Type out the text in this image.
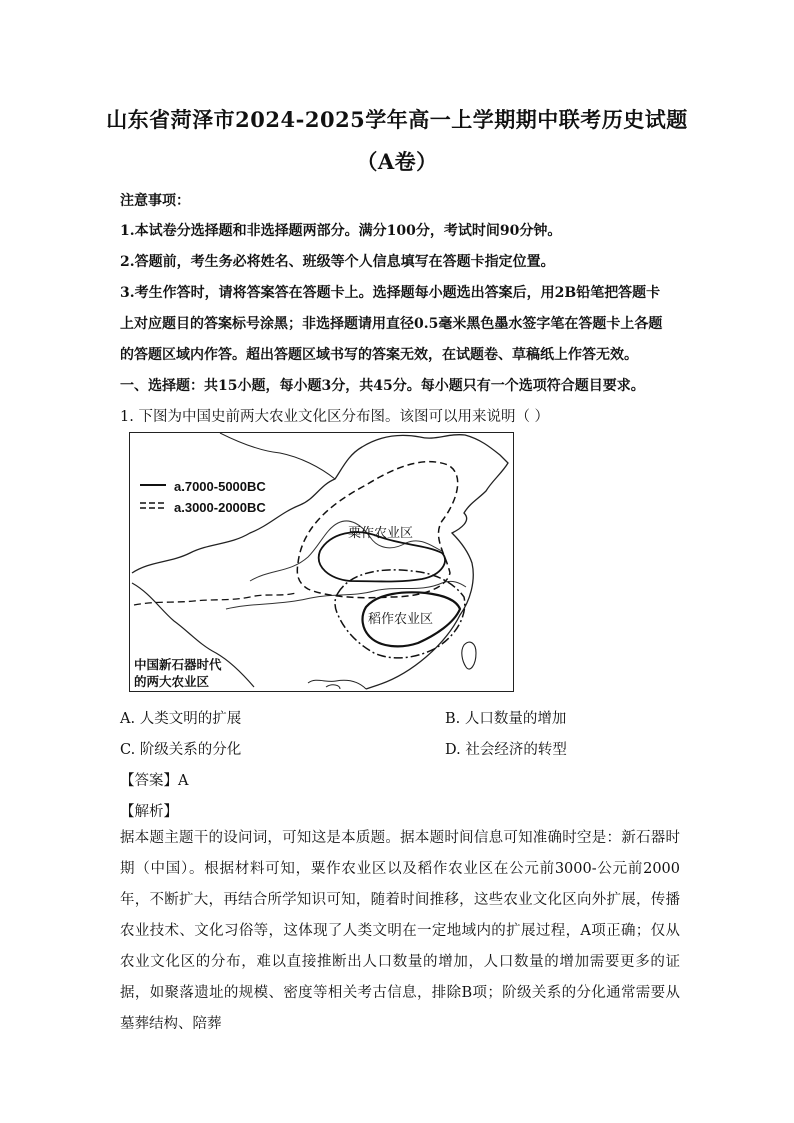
山东省菏泽市2024-2025学年高一上学期期中联考历史试题
（A卷）
注意事项：
1.本试卷分选择题和非选择题两部分。满分100分，考试时间90分钟。
2.答题前，考生务必将姓名、班级等个人信息填写在答题卡指定位置。
3.考生作答时，请将答案答在答题卡上。选择题每小题选出答案后，用2B铅笔把答题卡
上对应题目的答案标号涂黑；非选择题请用直径0.5毫米黑色墨水签字笔在答题卡上各题
的答题区域内作答。超出答题区域书写的答案无效，在试题卷、草稿纸上作答无效。
一、选择题：共15小题，每小题3分，共45分。每小题只有一个选项符合题目要求。
1. 下图为中国史前两大农业文化区分布图。该图可以用来说明（ ）
a.7000-5000BC
a.3000-2000BC
粟作农业区
稻作农业区
中国新石器时代
的两大农业区
A. 人类文明的扩展	B. 人口数量的增加
C. 阶级关系的分化	D. 社会经济的转型
【答案】A
【解析】
据本题主题干的设问词，可知这是本质题。据本题时间信息可知准确时空是：新石器时期（中国）。根据材料可知，粟作农业区以及稻作农业区在公元前3000-公元前2000年，不断扩大，再结合所学知识可知，随着时间推移，这些农业文化区向外扩展，传播农业技术、文化习俗等，这体现了人类文明在一定地域内的扩展过程，A项正确；仅从农业文化区的分布，难以直接推断出人口数量的增加，人口数量的增加需要更多的证据，如聚落遗址的规模、密度等相关考古信息，排除B项；阶级关系的分化通常需要从墓葬结构、陪葬
